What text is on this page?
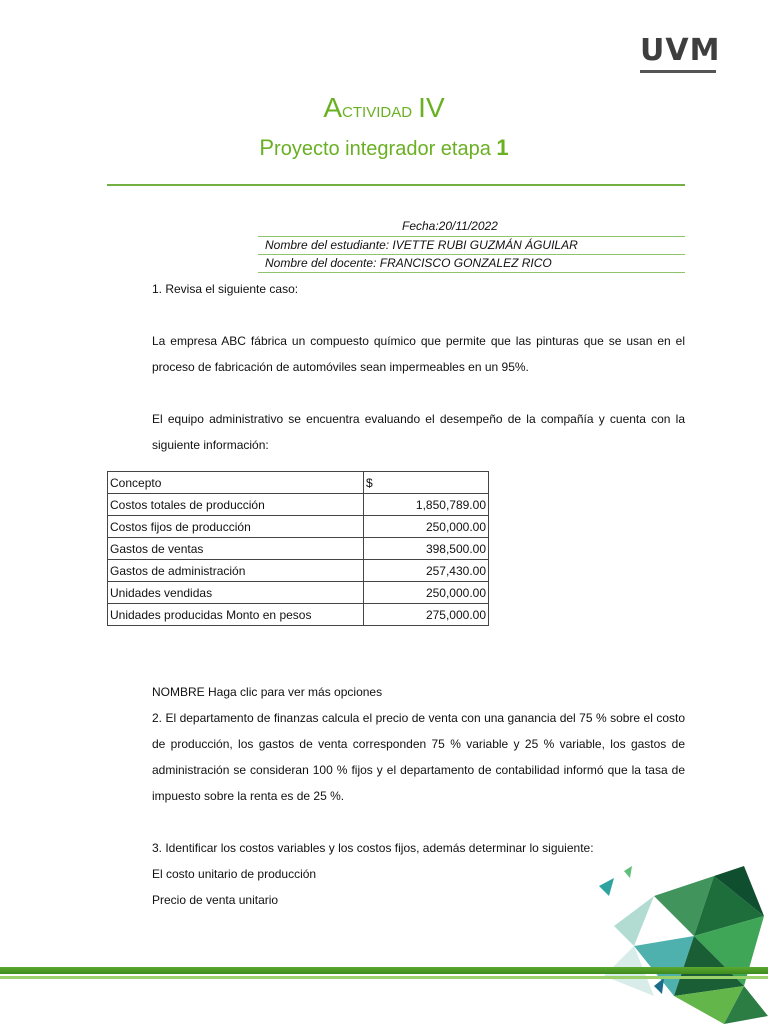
UVM
Actividad IV
Proyecto integrador etapa 1
Fecha:20/11/2022
Nombre del estudiante: IVETTE RUBI GUZMÁN ÁGUILAR
Nombre del docente: FRANCISCO GONZALEZ RICO
1. Revisa el siguiente caso:
La empresa ABC fábrica un compuesto químico que permite que las pinturas que se usan en el proceso de fabricación de automóviles sean impermeables en un 95%.
El equipo administrativo se encuentra evaluando el desempeño de la compañía y cuenta con la siguiente información:
Concepto	$
Costos totales de producción	1,850,789.00
Costos fijos de producción	250,000.00
Gastos de ventas	398,500.00
Gastos de administración	257,430.00
Unidades vendidas	250,000.00
Unidades producidas Monto en pesos	275,000.00
NOMBRE Haga clic para ver más opciones
2. El departamento de finanzas calcula el precio de venta con una ganancia del 75 % sobre el costo de producción, los gastos de venta corresponden 75 % variable y 25 % variable, los gastos de administración se consideran 100 % fijos y el departamento de contabilidad informó que la tasa de impuesto sobre la renta es de 25 %.
3. Identificar los costos variables y los costos fijos, además determinar lo siguiente:
El costo unitario de producción
Precio de venta unitario
